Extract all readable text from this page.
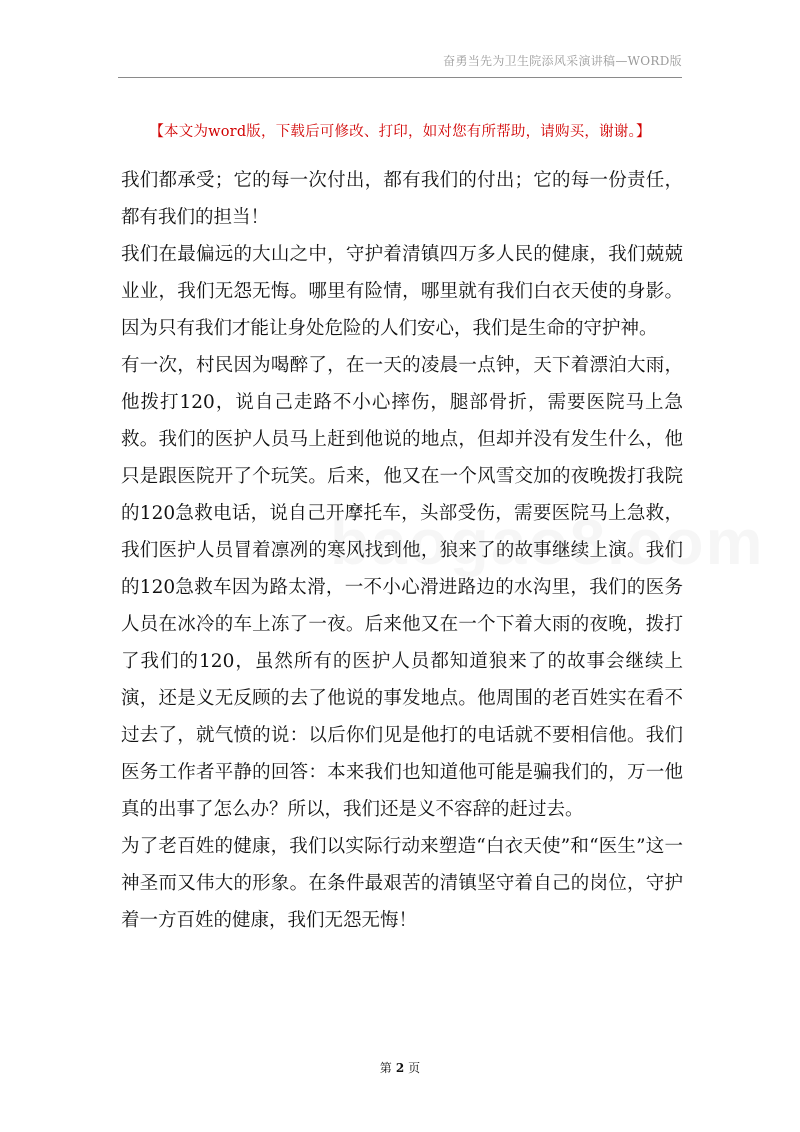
奋勇当先为卫生院添风采演讲稿—WORD版
【本文为word版，下载后可修改、打印，如对您有所帮助，请购买，谢谢。】

我们都承受；它的每一次付出，都有我们的付出；它的每一份责任，都有我们的担当！

我们在最偏远的大山之中，守护着清镇四万多人民的健康，我们兢兢业业，我们无怨无悔。哪里有险情，哪里就有我们白衣天使的身影。因为只有我们才能让身处危险的人们安心，我们是生命的守护神。

有一次，村民因为喝醉了，在一天的凌晨一点钟，天下着漂泊大雨，他拨打120，说自己走路不小心摔伤，腿部骨折，需要医院马上急救。我们的医护人员马上赶到他说的地点，但却并没有发生什么，他只是跟医院开了个玩笑。后来，他又在一个风雪交加的夜晚拨打我院的120急救电话，说自己开摩托车，头部受伤，需要医院马上急救，我们医护人员冒着凛冽的寒风找到他，狼来了的故事继续上演。我们的120急救车因为路太滑，一不小心滑进路边的水沟里，我们的医务人员在冰冷的车上冻了一夜。后来他又在一个下着大雨的夜晚，拨打了我们的120，虽然所有的医护人员都知道狼来了的故事会继续上演，还是义无反顾的去了他说的事发地点。他周围的老百姓实在看不过去了，就气愤的说：以后你们见是他打的电话就不要相信他。我们医务工作者平静的回答：本来我们也知道他可能是骗我们的，万一他真的出事了怎么办？所以，我们还是义不容辞的赶过去。

为了老百姓的健康，我们以实际行动来塑造“白衣天使”和“医生”这一神圣而又伟大的形象。在条件最艰苦的清镇坚守着自己的岗位，守护着一方百姓的健康，我们无怨无悔！

第 2 页
